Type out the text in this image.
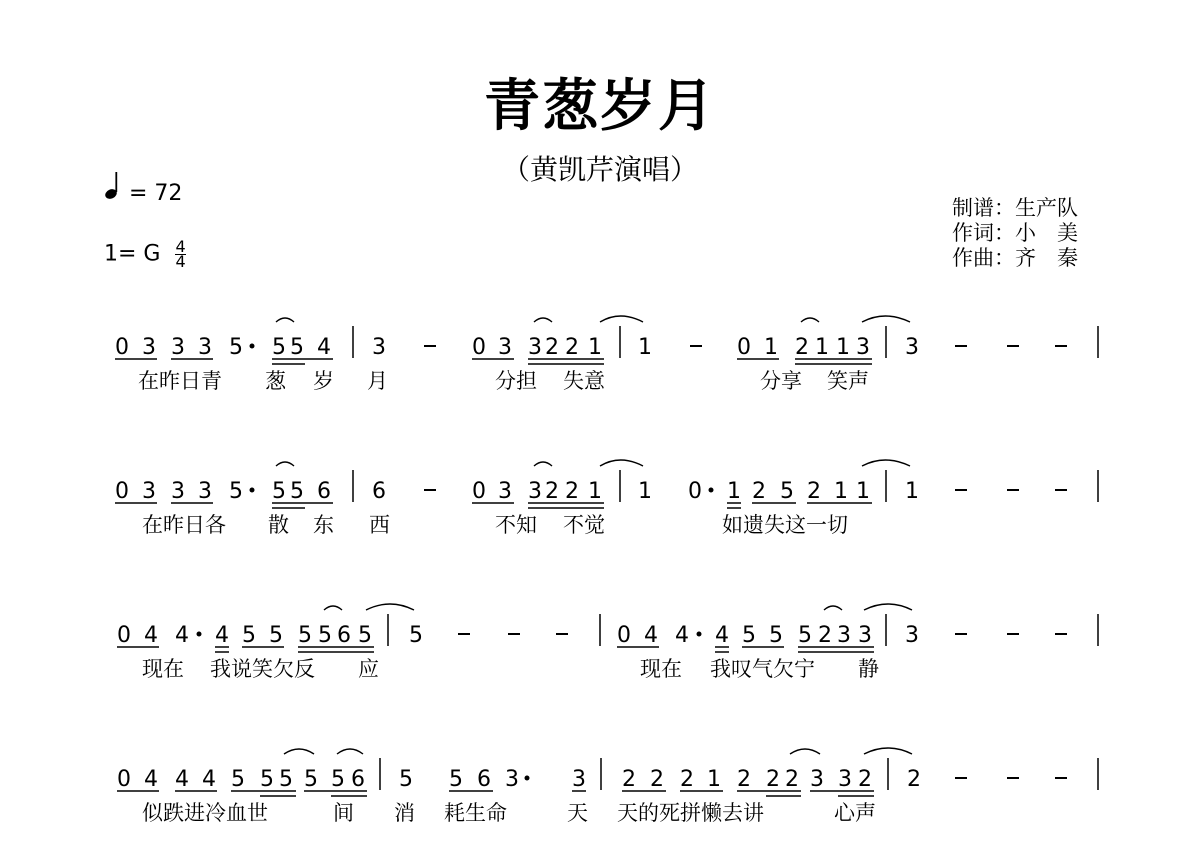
青葱岁月
（黄凯芹演唱）
= 72
1= G $\frac{4}{4}$
制谱：生产队
作词：小　美
作曲：齐　秦
0 3 3 3 5 5 5 4 3	0 3 3 2 2 1 1	0 1 2 1 1 3 3
在昨日青 葱 岁 月	分担 失意	分享 笑声
0 3 3 3 5 5 5 6 6	0 3 3 2 2 1 1 0 1 2 5 2 1 1 1
在昨日各 散 东 西	不知 不觉	如遗失这一切
0 4 4 4 5 5 5 5 6 5 5	0 4 4 4 5 5 5 2 3 3 3
现在 我说笑欠反 应	现在 我叹气欠宁 静
0 4 4 4 5 5 5 5 5 6 5 5 6 3 3 2 2 2 1 2 2 2 3 3 2 2
似跌进冷血世	间 消 耗生命	天 天的死拼懒去讲	心声
